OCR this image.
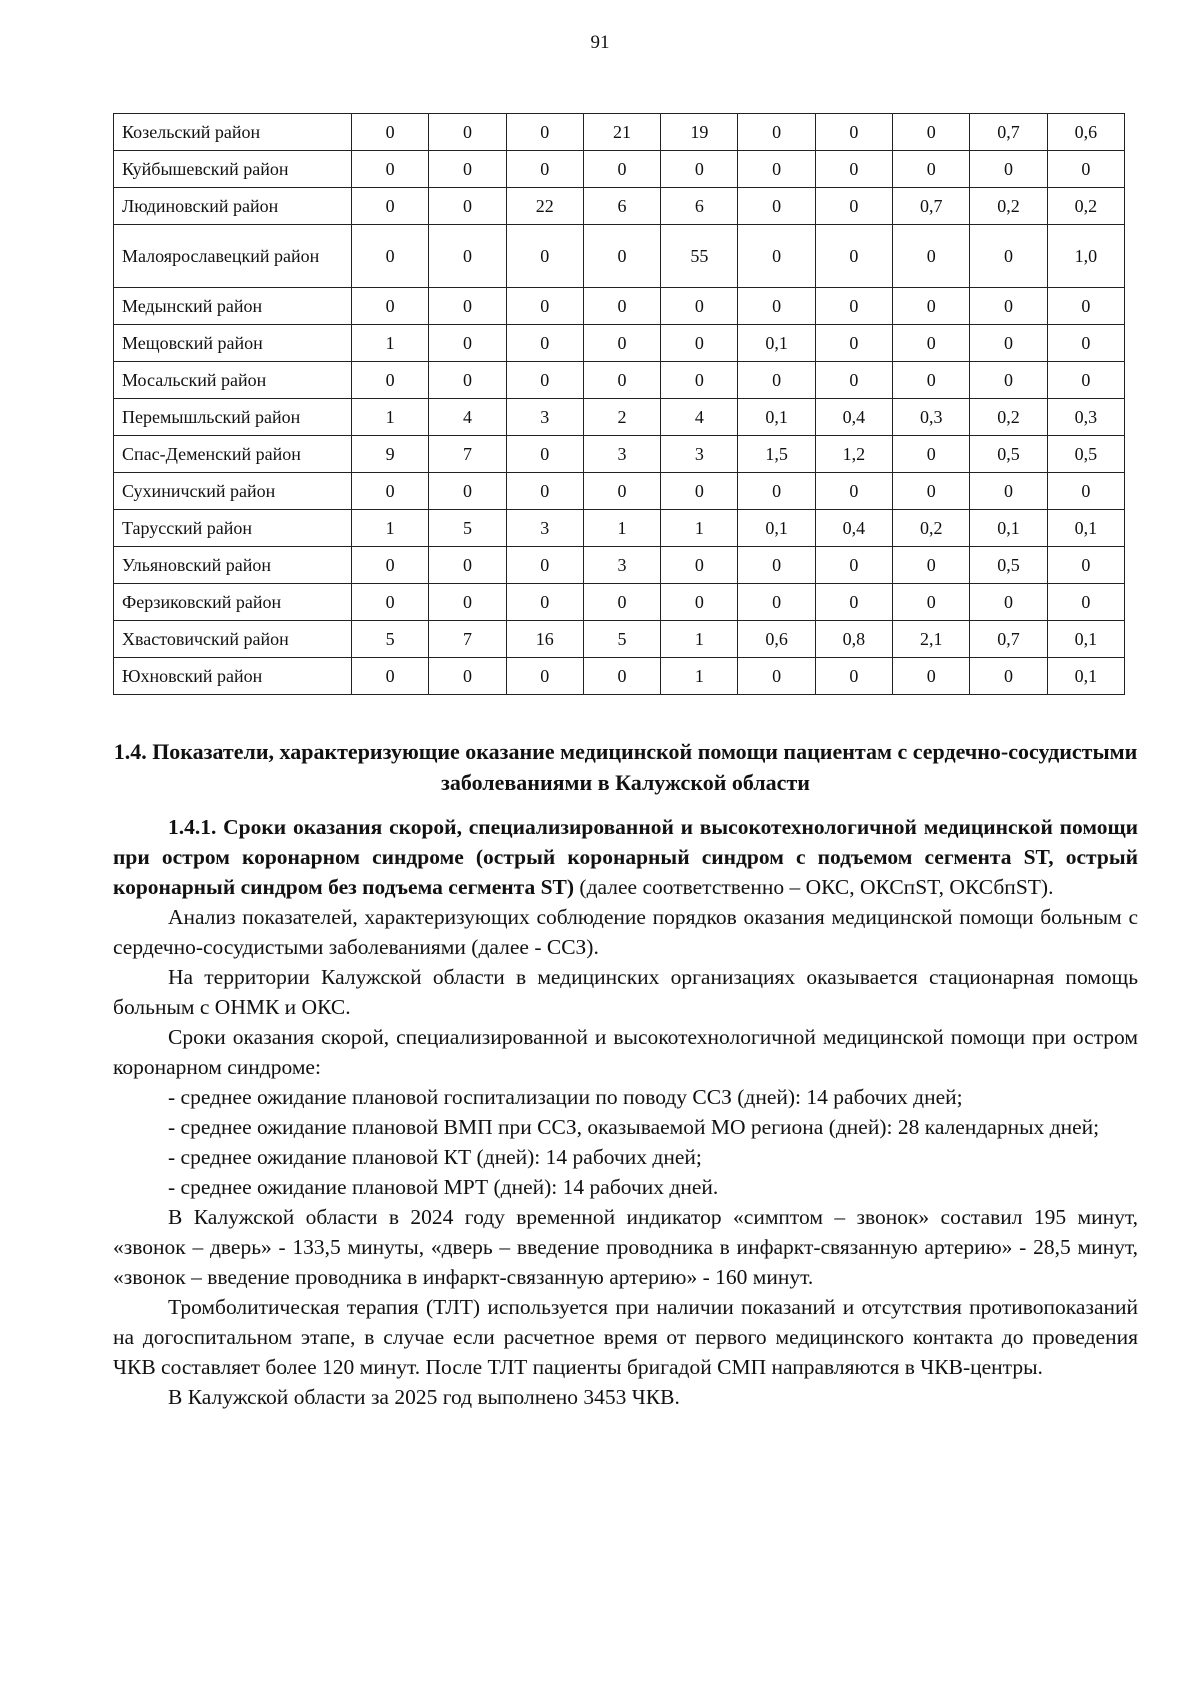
91
Козельский район	0	0	0	21	19	0	0	0	0,7	0,6
Куйбышевский район	0	0	0	0	0	0	0	0	0	0
Людиновский район	0	0	22	6	6	0	0	0,7	0,2	0,2
Малоярославецкий район	0	0	0	0	55	0	0	0	0	1,0
Медынский район	0	0	0	0	0	0	0	0	0	0
Мещовский район	1	0	0	0	0	0,1	0	0	0	0
Мосальский район	0	0	0	0	0	0	0	0	0	0
Перемышльский район	1	4	3	2	4	0,1	0,4	0,3	0,2	0,3
Спас-Деменский район	9	7	0	3	3	1,5	1,2	0	0,5	0,5
Сухиничский район	0	0	0	0	0	0	0	0	0	0
Тарусский район	1	5	3	1	1	0,1	0,4	0,2	0,1	0,1
Ульяновский район	0	0	0	3	0	0	0	0	0,5	0
Ферзиковский район	0	0	0	0	0	0	0	0	0	0
Хвастовичский район	5	7	16	5	1	0,6	0,8	2,1	0,7	0,1
Юхновский район	0	0	0	0	1	0	0	0	0	0,1
1.4. Показатели, характеризующие оказание медицинской помощи пациентам с сердечно-сосудистыми заболеваниями в Калужской области

1.4.1. Сроки оказания скорой, специализированной и высокотехнологичной медицинской помощи при остром коронарном синдроме (острый коронарный синдром с подъемом сегмента ST, острый коронарный синдром без подъема сегмента ST) (далее соответственно – ОКС, ОКСпST, ОКСбпST).

Анализ показателей, характеризующих соблюдение порядков оказания медицинской помощи больным с сердечно-сосудистыми заболеваниями (далее - ССЗ).

На территории Калужской области в медицинских организациях оказывается стационарная помощь больным с ОНМК и ОКС.

Сроки оказания скорой, специализированной и высокотехнологичной медицинской помощи при остром коронарном синдроме:

- среднее ожидание плановой госпитализации по поводу ССЗ (дней): 14 рабочих дней;

- среднее ожидание плановой ВМП при ССЗ, оказываемой МО региона (дней): 28 календарных дней;

- среднее ожидание плановой КТ (дней): 14 рабочих дней;

- среднее ожидание плановой МРТ (дней): 14 рабочих дней.

В Калужской области в 2024 году временной индикатор «симптом – звонок» составил 195 минут, «звонок – дверь» - 133,5 минуты, «дверь – введение проводника в инфаркт-связанную артерию» - 28,5 минут, «звонок – введение проводника в инфаркт-связанную артерию» - 160 минут.

Тромболитическая терапия (ТЛТ) используется при наличии показаний и отсутствия противопоказаний на догоспитальном этапе, в случае если расчетное время от первого медицинского контакта до проведения ЧКВ составляет более 120 минут. После ТЛТ пациенты бригадой СМП направляются в ЧКВ-центры.

В Калужской области за 2025 год выполнено 3453 ЧКВ.
